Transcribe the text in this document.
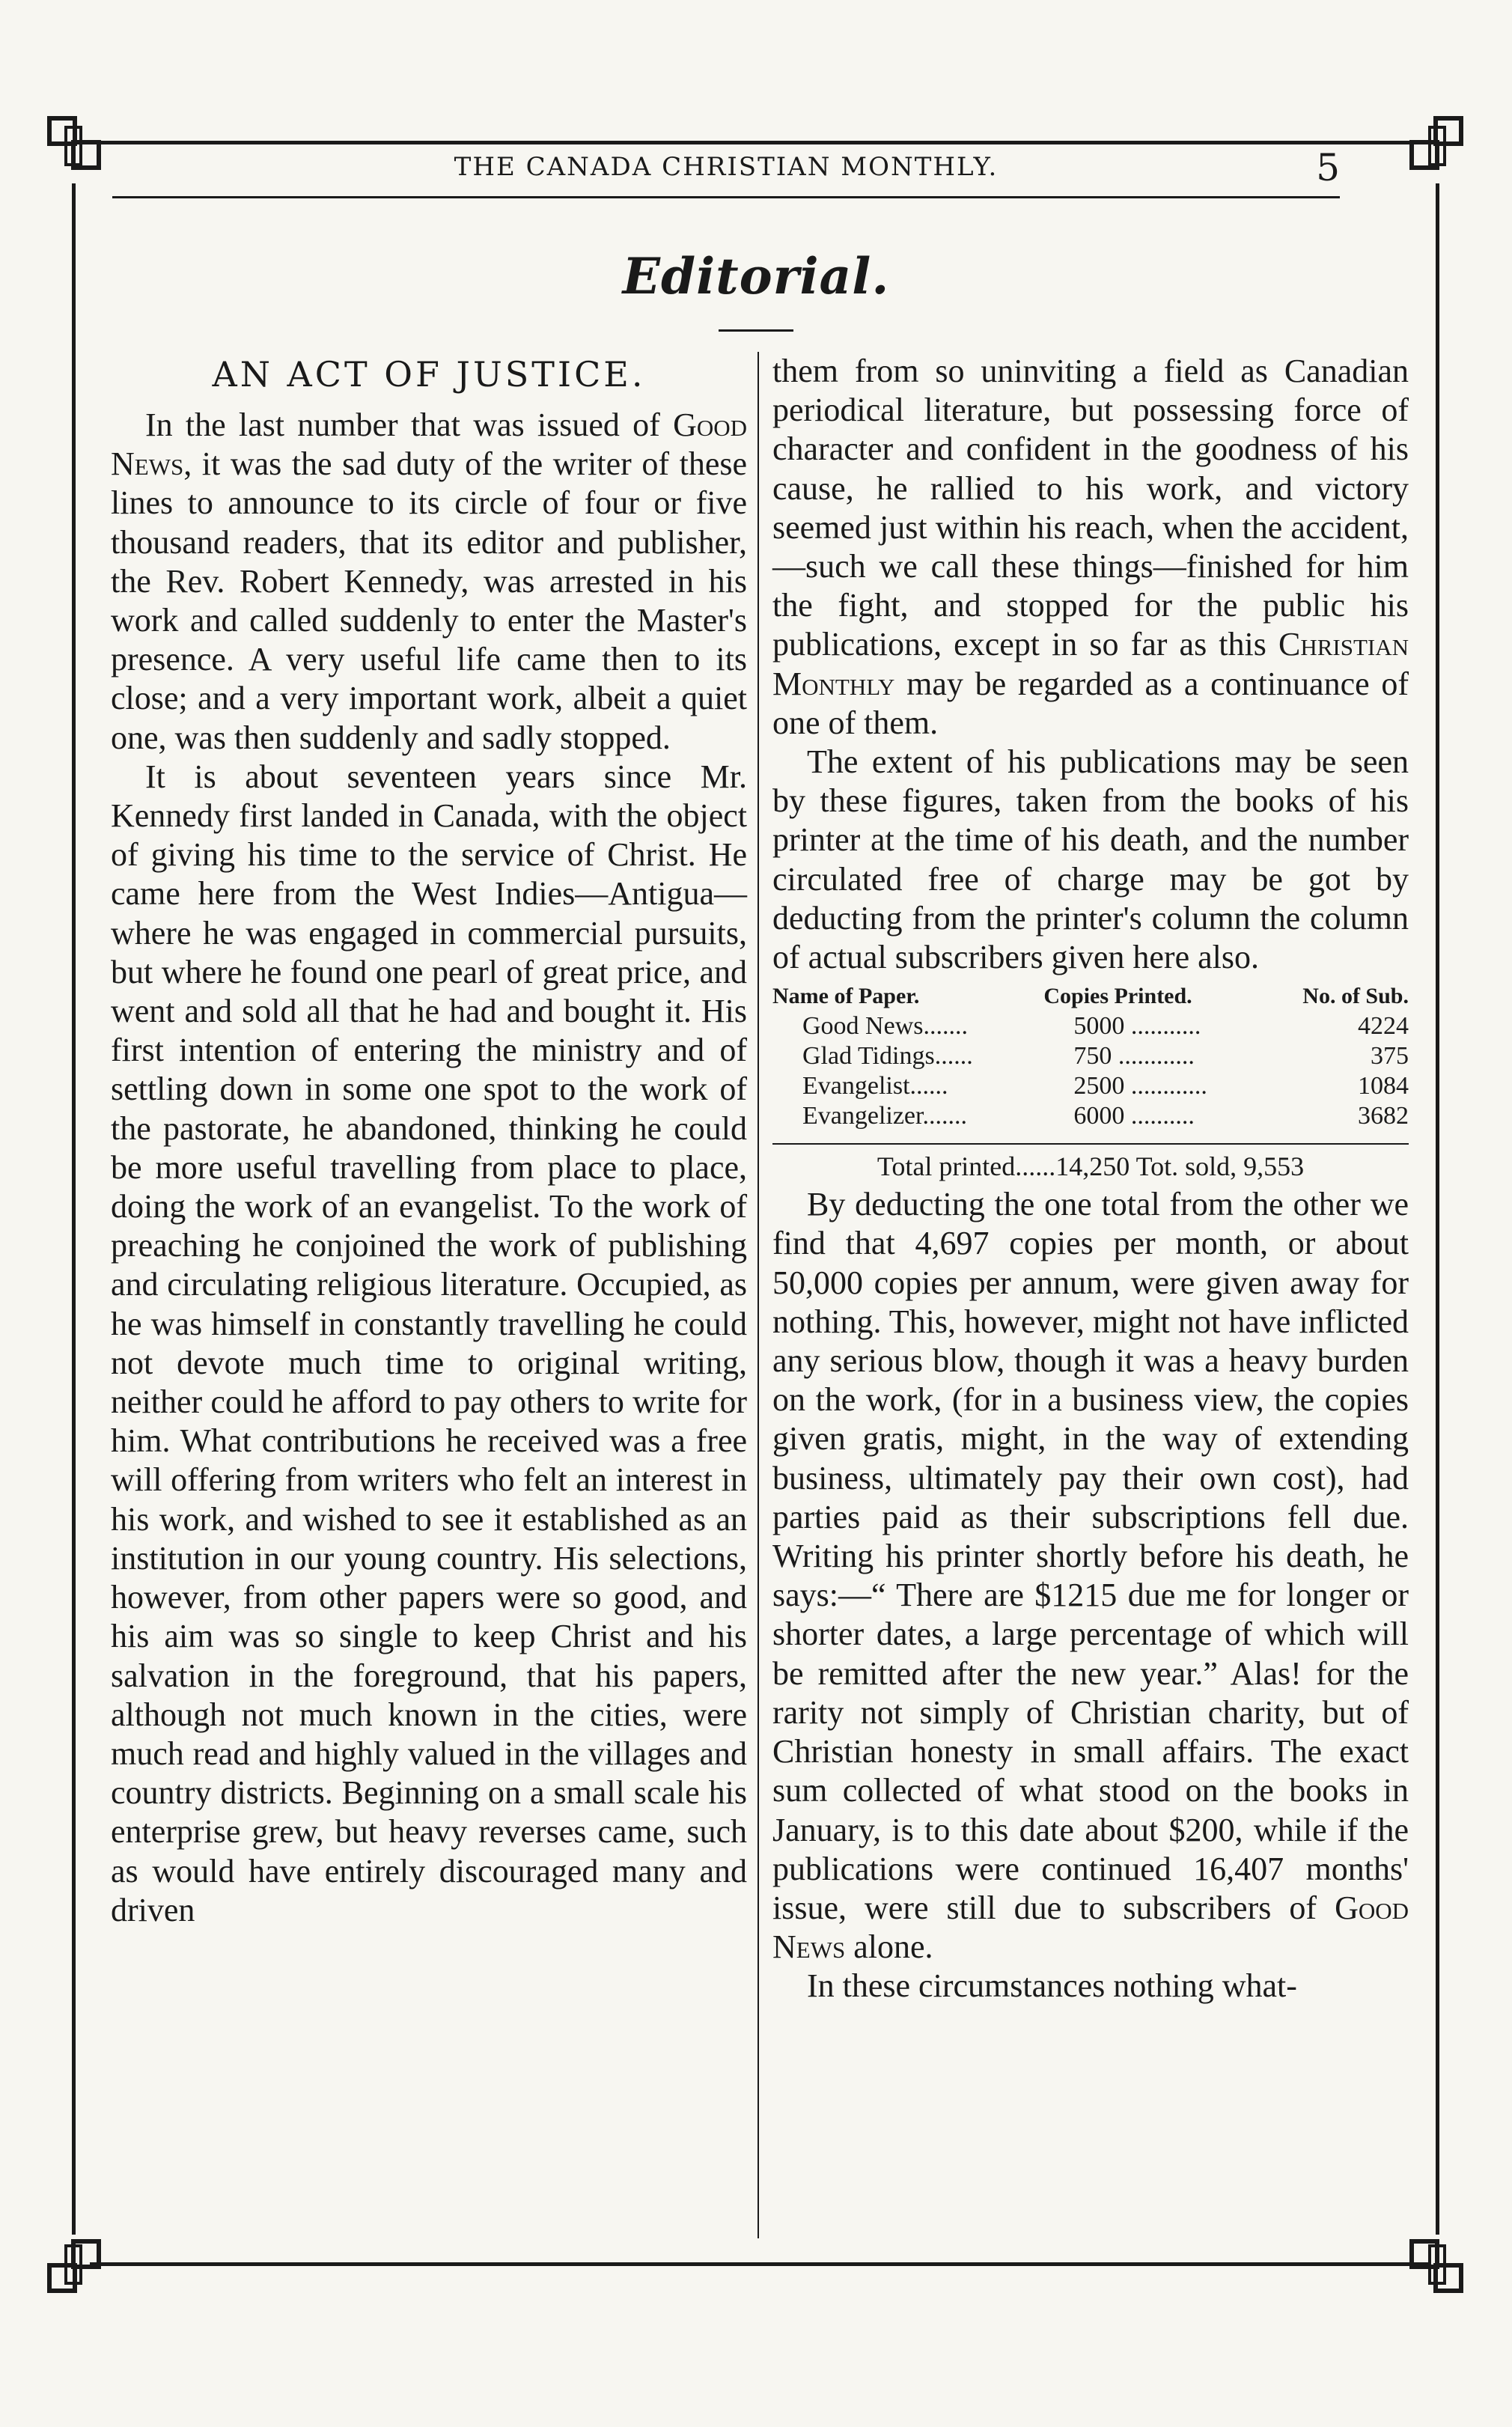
THE CANADA CHRISTIAN MONTHLY.	5
Editorial.
AN ACT OF JUSTICE.

In the last number that was issued of Good News, it was the sad duty of the writer of these lines to announce to its circle of four or five thousand readers, that its editor and publisher, the Rev. Robert Kennedy, was arrested in his work and called suddenly to enter the Master's presence. A very useful life came then to its close; and a very important work, albeit a quiet one, was then suddenly and sadly stopped.

It is about seventeen years since Mr. Kennedy first landed in Canada, with the object of giving his time to the service of Christ. He came here from the West Indies—Antigua—where he was engaged in commercial pursuits, but where he found one pearl of great price, and went and sold all that he had and bought it. His first intention of entering the ministry and of settling down in some one spot to the work of the pastorate, he abandoned, thinking he could be more useful travelling from place to place, doing the work of an evangelist. To the work of preaching he conjoined the work of publishing and circulating religious literature. Occupied, as he was himself in constantly travelling he could not devote much time to original writing, neither could he afford to pay others to write for him. What contributions he received was a free will offering from writers who felt an interest in his work, and wished to see it established as an institution in our young country. His selections, however, from other papers were so good, and his aim was so single to keep Christ and his salvation in the foreground, that his papers, although not much known in the cities, were much read and highly valued in the villages and country districts. Beginning on a small scale his enterprise grew, but heavy reverses came, such as would have entirely discouraged many and driven

them from so uninviting a field as Canadian periodical literature, but possessing force of character and confident in the goodness of his cause, he rallied to his work, and victory seemed just within his reach, when the accident,—such we call these things—finished for him the fight, and stopped for the public his publications, except in so far as this Christian Monthly may be regarded as a continuance of one of them.

The extent of his publications may be seen by these figures, taken from the books of his printer at the time of his death, and the number circulated free of charge may be got by deducting from the printer's column the column of actual subscribers given here also.

Name of Paper.	Copies Printed.	No. of Sub.
Good News.......	5000 ...........	4224
Glad Tidings......	750 ............	375
Evangelist......	2500 ............	1084
Evangelizer.......	6000 ..........	3682
Total printed......14,250 Tot. sold, 9,553

By deducting the one total from the other we find that 4,697 copies per month, or about 50,000 copies per annum, were given away for nothing. This, however, might not have inflicted any serious blow, though it was a heavy burden on the work, (for in a business view, the copies given gratis, might, in the way of extending business, ultimately pay their own cost), had parties paid as their subscriptions fell due. Writing his printer shortly before his death, he says:—“ There are $1215 due me for longer or shorter dates, a large percentage of which will be remitted after the new year.” Alas! for the rarity not simply of Christian charity, but of Christian honesty in small affairs. The exact sum collected of what stood on the books in January, is to this date about $200, while if the publications were continued 16,407 months' issue, were still due to subscribers of Good News alone.

In these circumstances nothing what-
